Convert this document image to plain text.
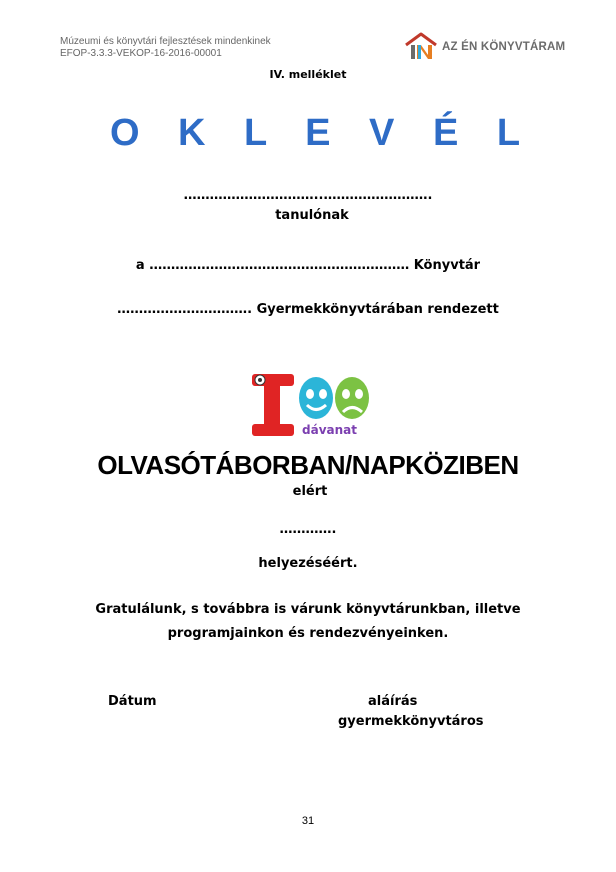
Múzeumi és könyvtári fejlesztések mindenkinek
EFOP-3.3.3-VEKOP-16-2016-00001
AZ ÉN KÖNYVTÁRAM
IV. melléklet
O K L E V É L
…………………………..…………………….
tanulónak
a …………………………………………………… Könyvtár
…………………………. Gyermekkönyvtárában rendezett
dávanat
OLVASÓTÁBORBAN/NAPKÖZIBEN
elért
………….
helyezéséért.
Gratulálunk, s továbbra is várunk könyvtárunkban, illetve
programjainkon és rendezvényeinken.
Dátum	aláírás
gyermekkönyvtáros
31
